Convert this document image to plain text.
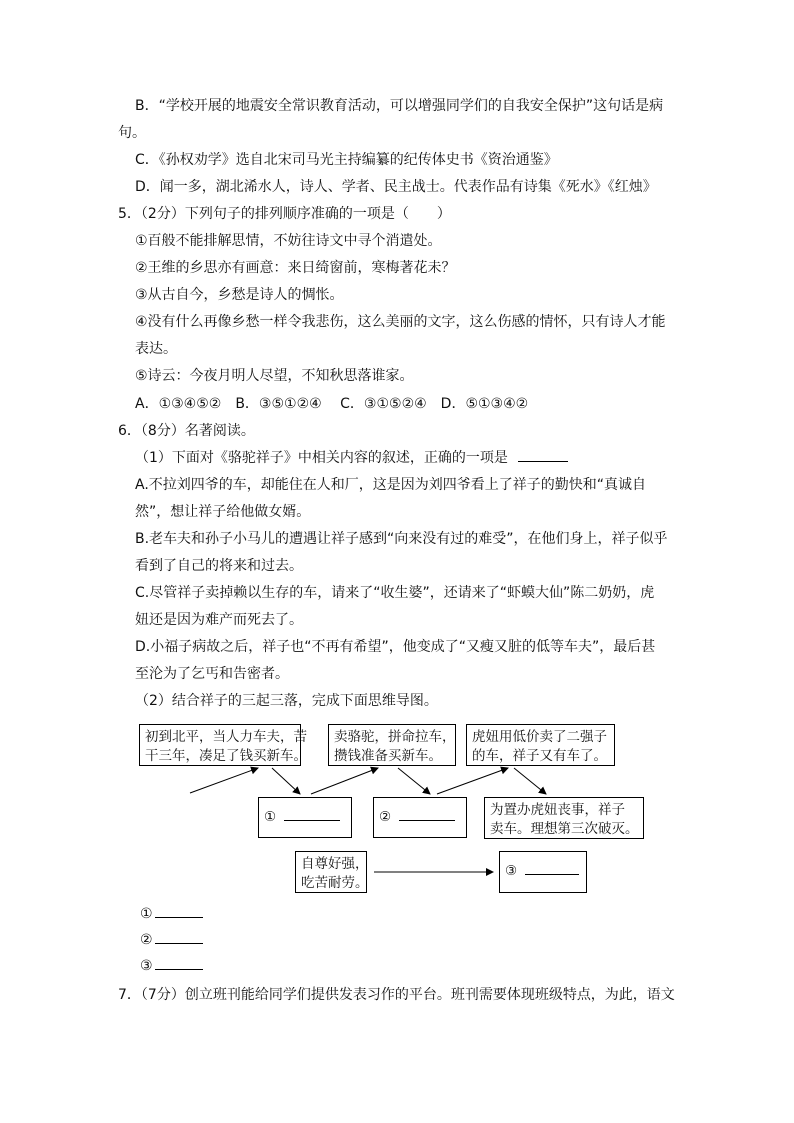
B．“学校开展的地震安全常识教育活动，可以增强同学们的自我安全保护”这句话是病
句。
C．《孙权劝学》选自北宋司马光主持编纂的纪传体史书《资治通鉴》
D．闻一多，湖北浠水人，诗人、学者、民主战士。代表作品有诗集《死水》《红烛》
5．（2分）下列句子的排列顺序准确的一项是（　　）
①百般不能排解思情，不妨往诗文中寻个消遣处。
②王维的乡思亦有画意：来日绮窗前，寒梅著花未？
③从古自今，乡愁是诗人的惆怅。
④没有什么再像乡愁一样令我悲伤，这么美丽的文字，这么伤感的情怀，只有诗人才能
表达。
⑤诗云：今夜月明人尽望，不知秋思落谁家。
A．①③④⑤②　B．③⑤①②④　 C．③①⑤②④　D．⑤①③④②
6．（8分）名著阅读。
（1）下面对《骆驼祥子》中相关内容的叙述，正确的一项是
A.不拉刘四爷的车，却能住在人和厂，这是因为刘四爷看上了祥子的勤快和“真诚自
然”，想让祥子给他做女婿。
B.老车夫和孙子小马儿的遭遇让祥子感到“向来没有过的难受”，在他们身上，祥子似乎
看到了自己的将来和过去。
C.尽管祥子卖掉赖以生存的车，请来了“收生婆”，还请来了“虾蟆大仙”陈二奶奶，虎
妞还是因为难产而死去了。
D.小福子病故之后，祥子也“不再有希望”，他变成了“又瘦又脏的低等车夫”，最后甚
至沦为了乞丐和告密者。
（2）结合祥子的三起三落，完成下面思维导图。
初到北平，当人力车夫，苦
干三年，凑足了钱买新车。
卖骆驼，拼命拉车，
攒钱准备买新车。
虎妞用低价卖了二强子
的车，祥子又有车了。
①	②	为置办虎妞丧事，祥子
卖车。理想第三次破灭。
自尊好强，
吃苦耐劳。
③
①
②
③
7．（7分）创立班刊能给同学们提供发表习作的平台。班刊需要体现班级特点，为此，语文
